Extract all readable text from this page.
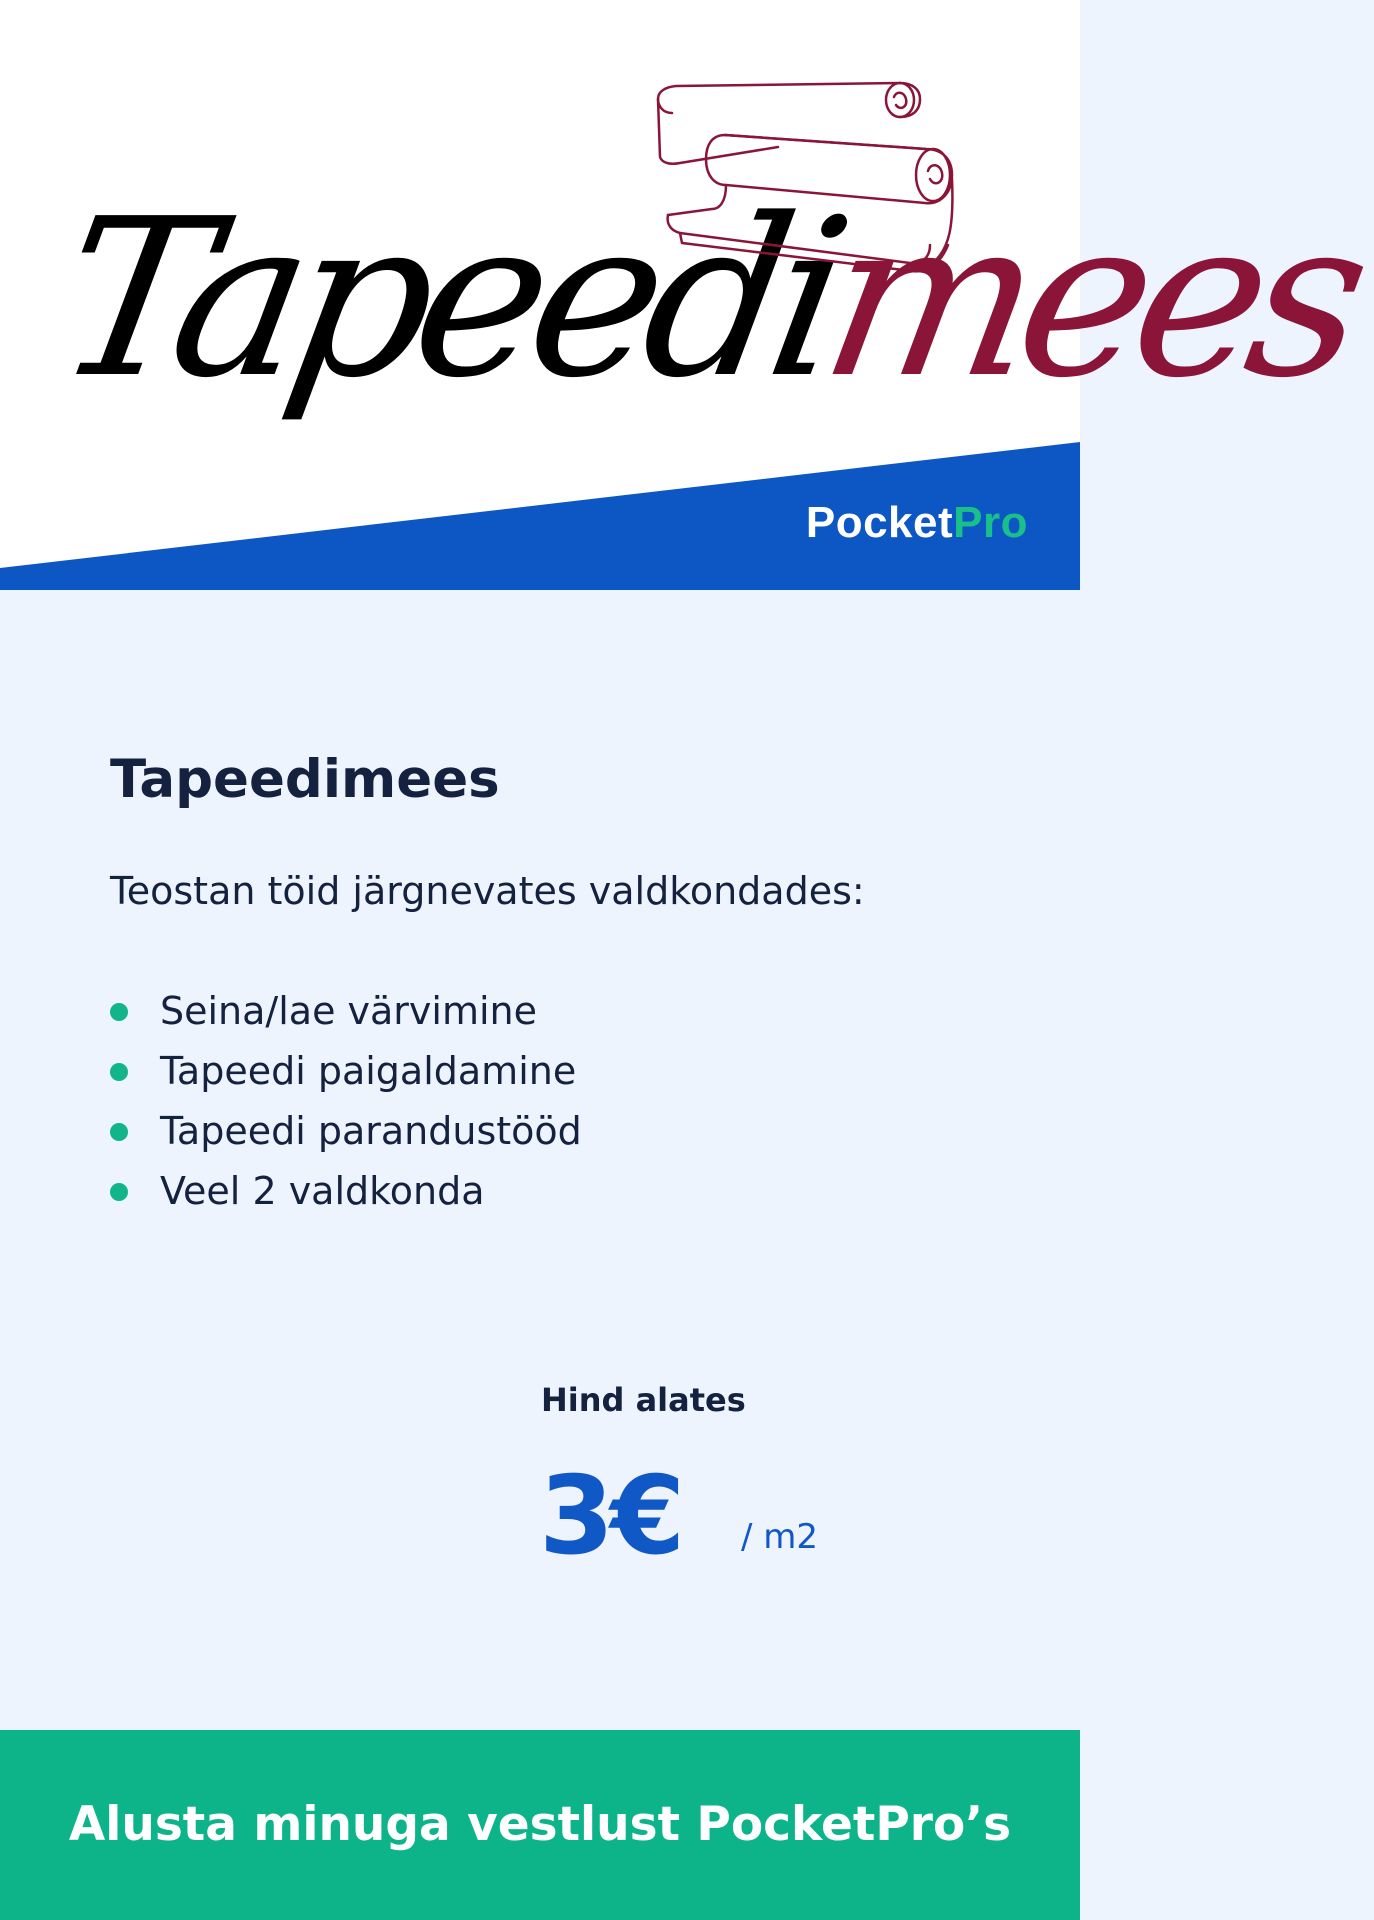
Tapeedimees
PocketPro
Tapeedimees

Teostan töid järgnevates valdkondades:

Seina/lae värvimine
Tapeedi paigaldamine
Tapeedi parandustööd
Veel 2 valdkonda
Hind alates
3€ / m2
Alusta minuga vestlust PocketPro’s
